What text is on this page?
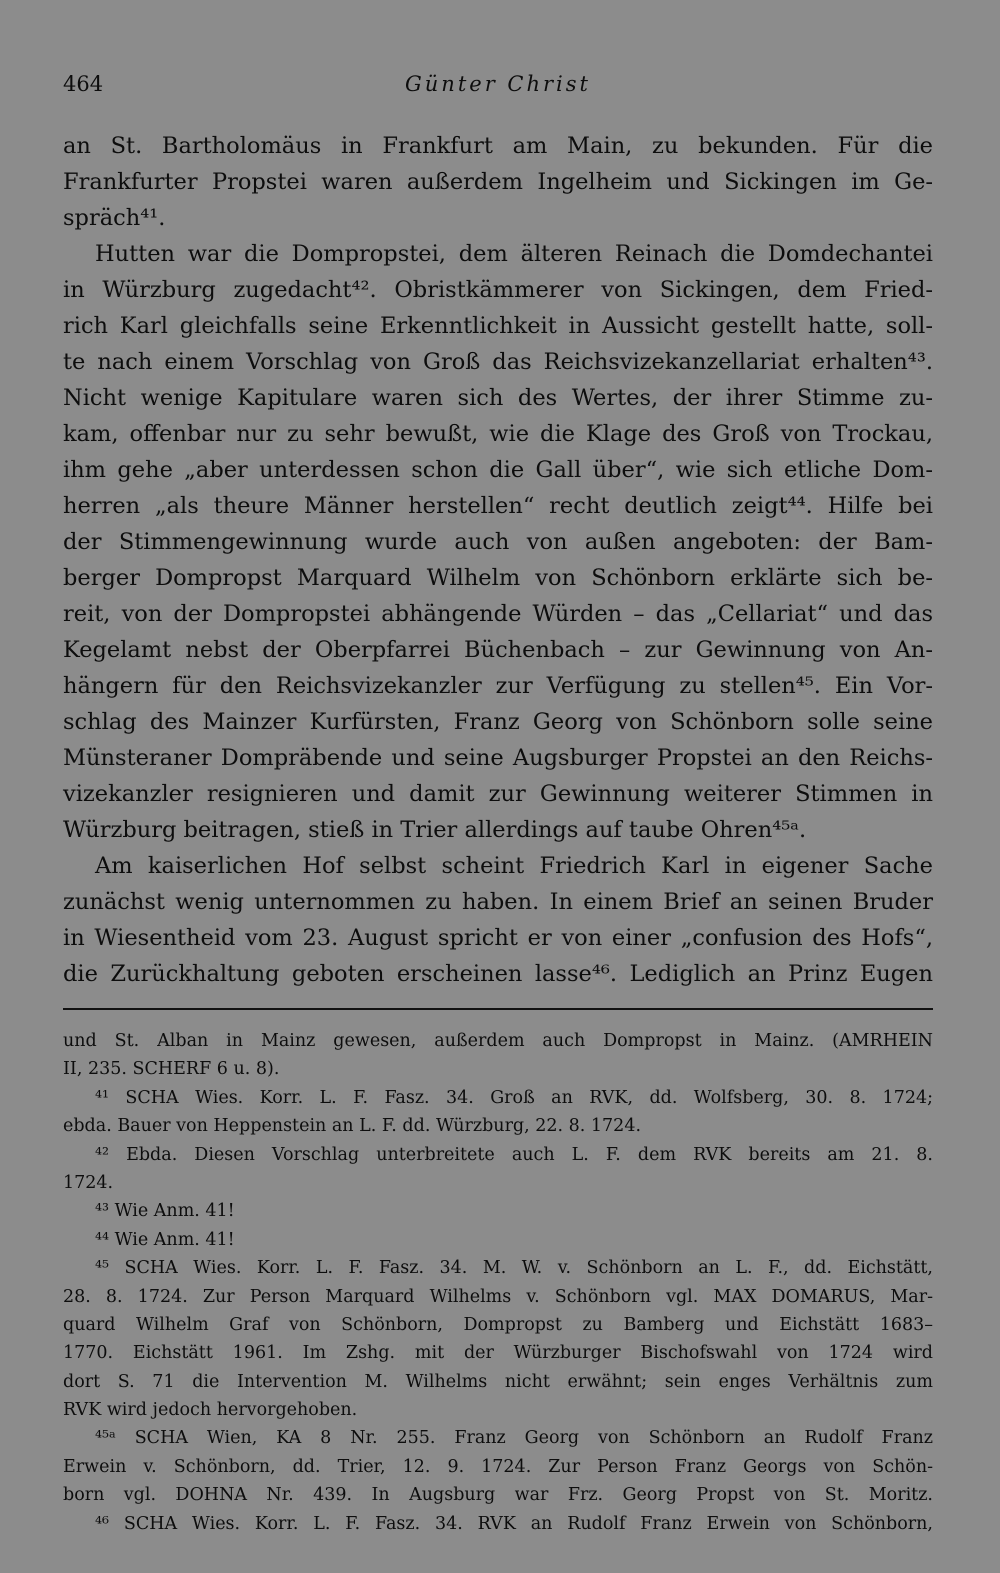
464	Günter Christ
an St. Bartholomäus in Frankfurt am Main, zu bekunden. Für die
Frankfurter Propstei waren außerdem Ingelheim und Sickingen im Ge-
spräch⁴¹.
Hutten war die Dompropstei, dem älteren Reinach die Domdechantei
in Würzburg zugedacht⁴². Obristkämmerer von Sickingen, dem Fried-
rich Karl gleichfalls seine Erkenntlichkeit in Aussicht gestellt hatte, soll-
te nach einem Vorschlag von Groß das Reichsvizekanzellariat erhalten⁴³.
Nicht wenige Kapitulare waren sich des Wertes, der ihrer Stimme zu-
kam, offenbar nur zu sehr bewußt, wie die Klage des Groß von Trockau,
ihm gehe „aber unterdessen schon die Gall über“, wie sich etliche Dom-
herren „als theure Männer herstellen“ recht deutlich zeigt⁴⁴. Hilfe bei
der Stimmengewinnung wurde auch von außen angeboten: der Bam-
berger Dompropst Marquard Wilhelm von Schönborn erklärte sich be-
reit, von der Dompropstei abhängende Würden – das „Cellariat“ und das
Kegelamt nebst der Oberpfarrei Büchenbach – zur Gewinnung von An-
hängern für den Reichsvizekanzler zur Verfügung zu stellen⁴⁵. Ein Vor-
schlag des Mainzer Kurfürsten, Franz Georg von Schönborn solle seine
Münsteraner Dompräbende und seine Augsburger Propstei an den Reichs-
vizekanzler resignieren und damit zur Gewinnung weiterer Stimmen in
Würzburg beitragen, stieß in Trier allerdings auf taube Ohren⁴⁵ᵃ.
Am kaiserlichen Hof selbst scheint Friedrich Karl in eigener Sache
zunächst wenig unternommen zu haben. In einem Brief an seinen Bruder
in Wiesentheid vom 23. August spricht er von einer „confusion des Hofs“,
die Zurückhaltung geboten erscheinen lasse⁴⁶. Lediglich an Prinz Eugen
und St. Alban in Mainz gewesen, außerdem auch Dompropst in Mainz. (AMRHEIN
II, 235. SCHERF 6 u. 8).
⁴¹ SCHA Wies. Korr. L. F. Fasz. 34. Groß an RVK, dd. Wolfsberg, 30. 8. 1724;
ebda. Bauer von Heppenstein an L. F. dd. Würzburg, 22. 8. 1724.
⁴² Ebda. Diesen Vorschlag unterbreitete auch L. F. dem RVK bereits am 21. 8.
1724.
⁴³ Wie Anm. 41!
⁴⁴ Wie Anm. 41!
⁴⁵ SCHA Wies. Korr. L. F. Fasz. 34. M. W. v. Schönborn an L. F., dd. Eichstätt,
28. 8. 1724. Zur Person Marquard Wilhelms v. Schönborn vgl. MAX DOMARUS, Mar-
quard Wilhelm Graf von Schönborn, Dompropst zu Bamberg und Eichstätt 1683–
1770. Eichstätt 1961. Im Zshg. mit der Würzburger Bischofswahl von 1724 wird
dort S. 71 die Intervention M. Wilhelms nicht erwähnt; sein enges Verhältnis zum
RVK wird jedoch hervorgehoben.
⁴⁵ᵃ SCHA Wien, KA 8 Nr. 255. Franz Georg von Schönborn an Rudolf Franz
Erwein v. Schönborn, dd. Trier, 12. 9. 1724. Zur Person Franz Georgs von Schön-
born vgl. DOHNA Nr. 439. In Augsburg war Frz. Georg Propst von St. Moritz.
⁴⁶ SCHA Wies. Korr. L. F. Fasz. 34. RVK an Rudolf Franz Erwein von Schönborn,
